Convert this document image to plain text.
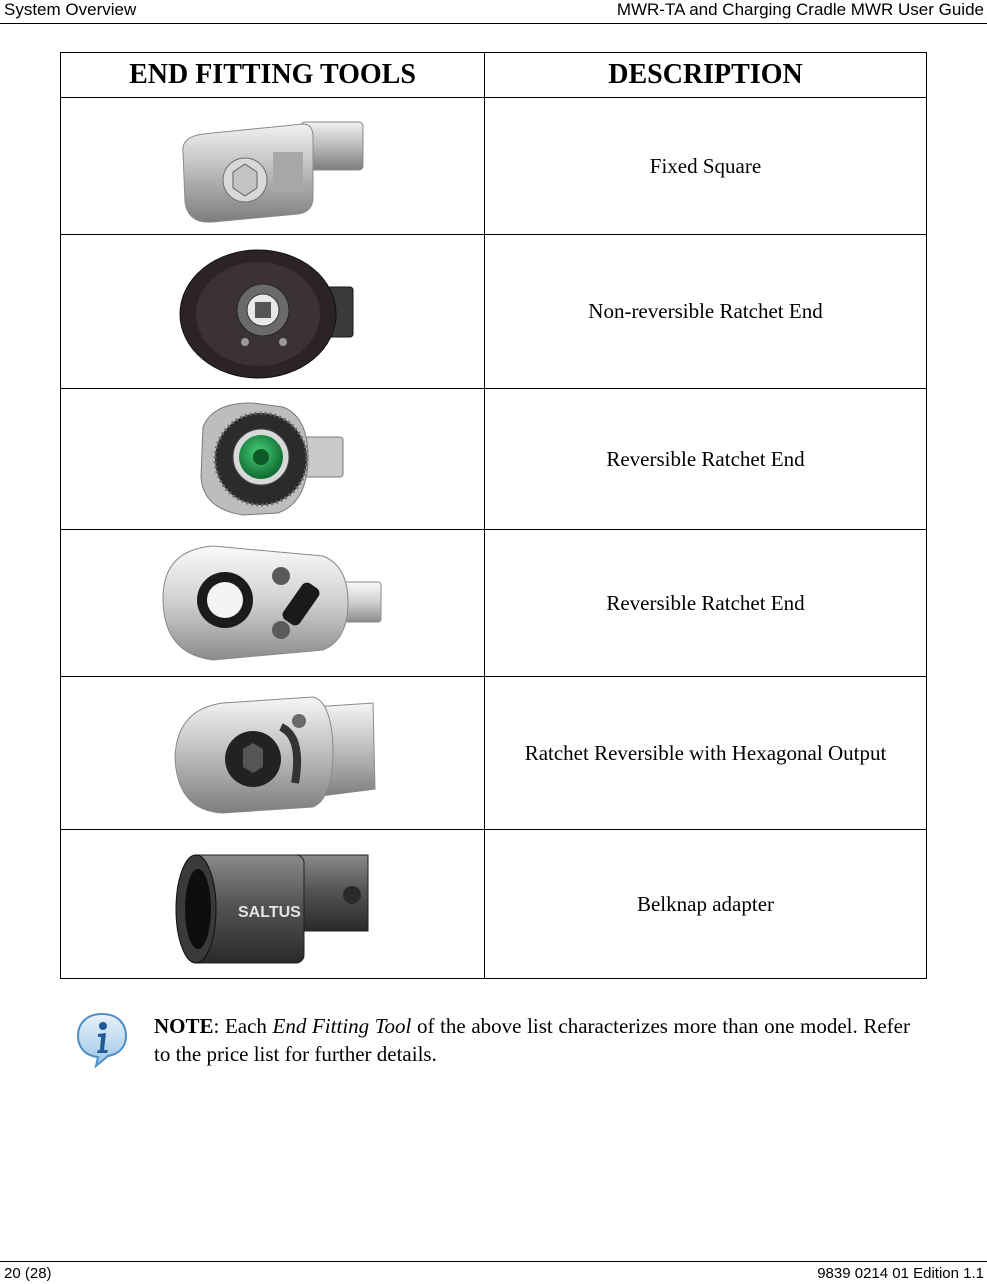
System Overview	MWR-TA and Charging Cradle MWR User Guide
END FITTING TOOLS	DESCRIPTION

	Fixed Square

	Non-reversible Ratchet End

	Reversible Ratchet End

	Reversible Ratchet End

	Ratchet Reversible with Hexagonal Output

SALTUS	Belknap adapter
NOTE: Each End Fitting Tool of the above list characterizes more than one model. Refer to the price list for further details.
20 (28)	9839 0214 01 Edition 1.1
